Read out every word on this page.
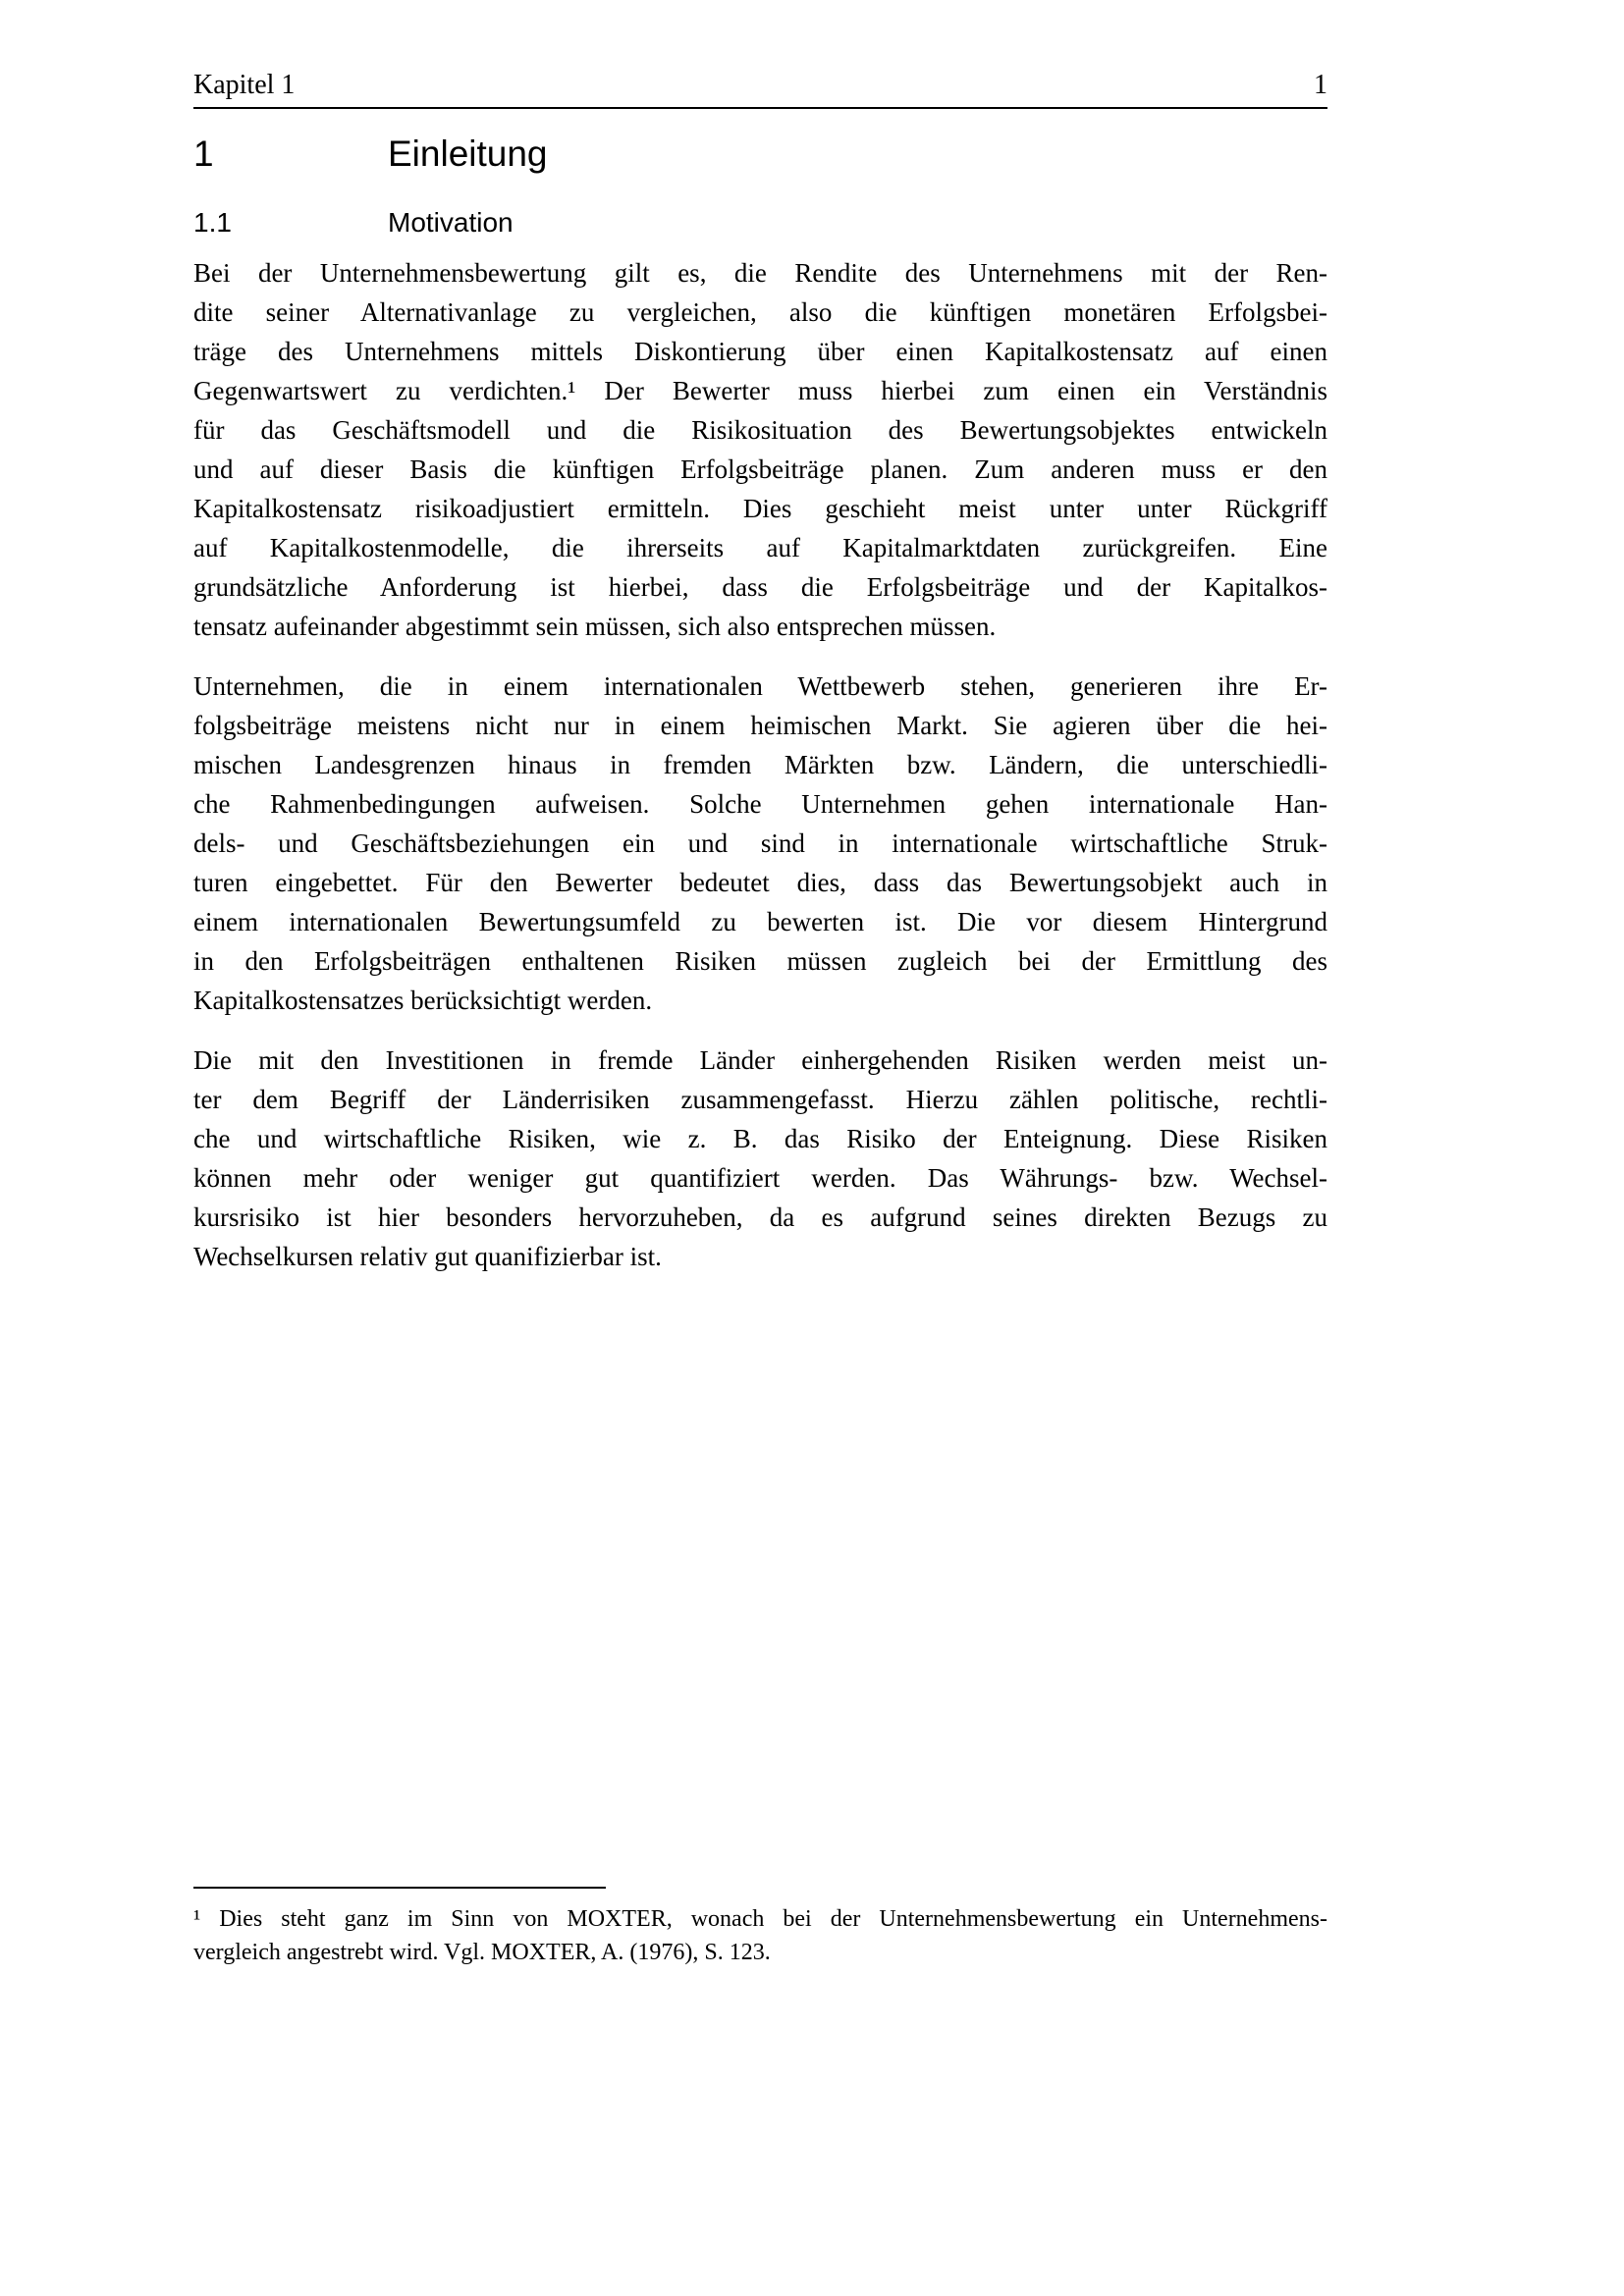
Kapitel 1	1
1	Einleitung
1.1	Motivation
Bei der Unternehmensbewertung gilt es, die Rendite des Unternehmens mit der Ren-
dite seiner Alternativanlage zu vergleichen, also die künftigen monetären Erfolgsbei-
träge des Unternehmens mittels Diskontierung über einen Kapitalkostensatz auf einen
Gegenwartswert zu verdichten.¹ Der Bewerter muss hierbei zum einen ein Verständnis
für das Geschäftsmodell und die Risikosituation des Bewertungsobjektes entwickeln
und auf dieser Basis die künftigen Erfolgsbeiträge planen. Zum anderen muss er den
Kapitalkostensatz risikoadjustiert ermitteln. Dies geschieht meist unter unter Rückgriff
auf Kapitalkostenmodelle, die ihrerseits auf Kapitalmarktdaten zurückgreifen. Eine
grundsätzliche Anforderung ist hierbei, dass die Erfolgsbeiträge und der Kapitalkos-
tensatz aufeinander abgestimmt sein müssen, sich also entsprechen müssen.
Unternehmen, die in einem internationalen Wettbewerb stehen, generieren ihre Er-
folgsbeiträge meistens nicht nur in einem heimischen Markt. Sie agieren über die hei-
mischen Landesgrenzen hinaus in fremden Märkten bzw. Ländern, die unterschiedli-
che Rahmenbedingungen aufweisen. Solche Unternehmen gehen internationale Han-
dels- und Geschäftsbeziehungen ein und sind in internationale wirtschaftliche Struk-
turen eingebettet. Für den Bewerter bedeutet dies, dass das Bewertungsobjekt auch in
einem internationalen Bewertungsumfeld zu bewerten ist. Die vor diesem Hintergrund
in den Erfolgsbeiträgen enthaltenen Risiken müssen zugleich bei der Ermittlung des
Kapitalkostensatzes berücksichtigt werden.
Die mit den Investitionen in fremde Länder einhergehenden Risiken werden meist un-
ter dem Begriff der Länderrisiken zusammengefasst. Hierzu zählen politische, rechtli-
che und wirtschaftliche Risiken, wie z. B. das Risiko der Enteignung. Diese Risiken
können mehr oder weniger gut quantifiziert werden. Das Währungs- bzw. Wechsel-
kursrisiko ist hier besonders hervorzuheben, da es aufgrund seines direkten Bezugs zu
Wechselkursen relativ gut quanifizierbar ist.
¹ Dies steht ganz im Sinn von MOXTER, wonach bei der Unternehmensbewertung ein Unternehmens-
vergleich angestrebt wird. Vgl. MOXTER, A. (1976), S. 123.
